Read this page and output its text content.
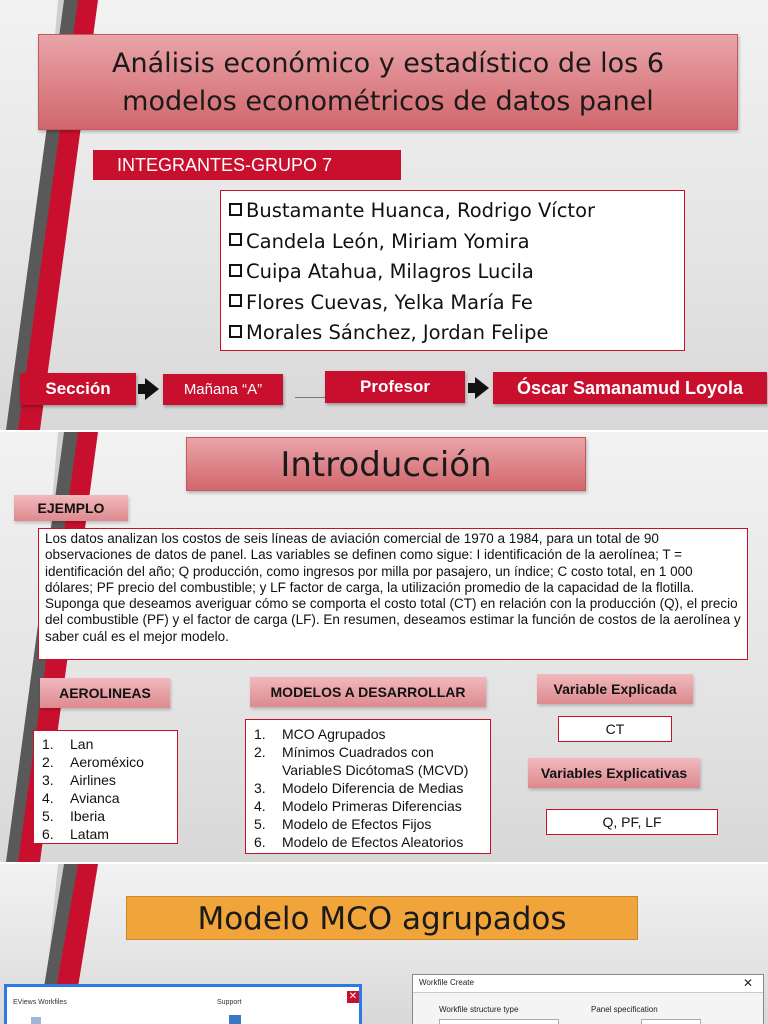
Análisis económico y estadístico de los 6
modelos econométricos de datos panel
INTEGRANTES-GRUPO 7
Bustamante Huanca, Rodrigo Víctor
Candela León, Miriam Yomira
Cuipa Atahua, Milagros Lucila
Flores Cuevas, Yelka María Fe
Morales Sánchez, Jordan Felipe
Sección	Mañana “A”	Profesor	Óscar Samanamud Loyola
Introducción
EJEMPLO
Los datos analizan los costos de seis líneas de aviación comercial de 1970 a 1984, para un total de 90 observaciones de datos de panel. Las variables se definen como sigue: I identificación de la aerolínea; T = identificación del año; Q producción, como ingresos por milla por pasajero, un índice; C costo total, en 1 000 dólares; PF precio del combustible; y LF factor de carga, la utilización promedio de la capacidad de la flotilla. Suponga que deseamos averiguar cómo se comporta el costo total (CT) en relación con la producción (Q), el precio del combustible (PF) y el factor de carga (LF). En resumen, deseamos estimar la función de costos de la aerolínea y saber cuál es el mejor modelo.
AEROLINEAS
1.	Lan
2.	Aeroméxico
3.	Airlines
4.	Avianca
5.	Iberia
6.	Latam
MODELOS A DESARROLLAR
1.	MCO Agrupados
2.	Mínimos Cuadrados con VariableS DicótomaS (MCVD)
3.	Modelo Diferencia de Medias
4.	Modelo Primeras Diferencias
5.	Modelo de Efectos Fijos
6.	Modelo de Efectos Aleatorios
Variable Explicada
CT
Variables Explicativas
Q, PF, LF
Modelo MCO agrupados
EViews Workfiles	Support
✕
Workfile Create	✕
Workfile structure type	Panel specification
